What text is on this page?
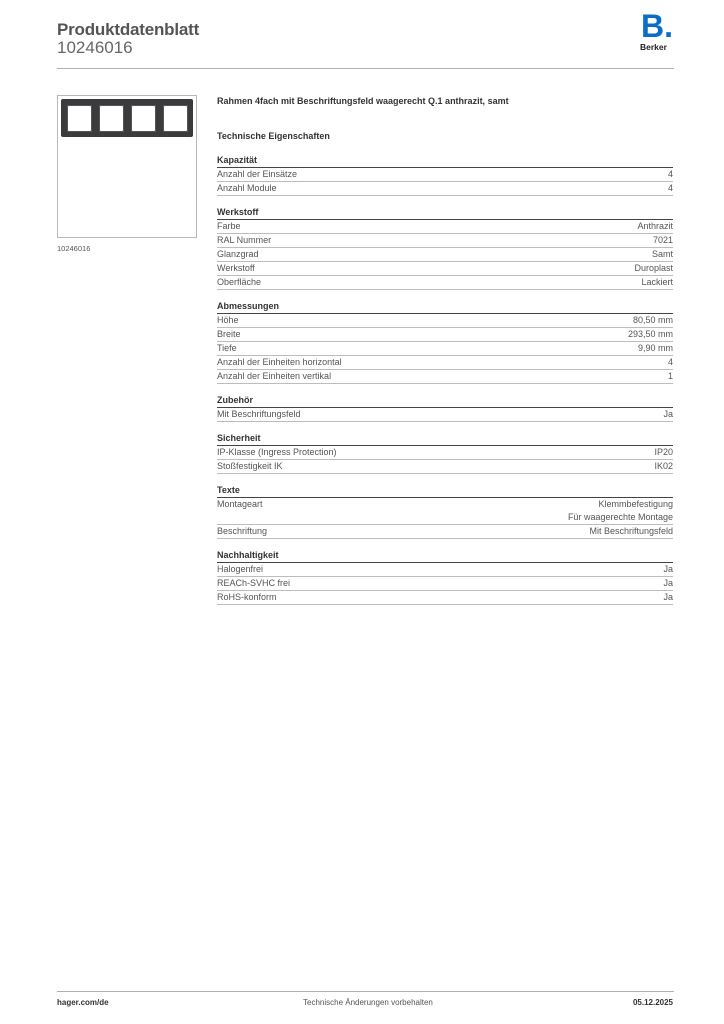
Produktdatenblatt
10246016
B.
Berker
10246016
Rahmen 4fach mit Beschriftungsfeld waagerecht Q.1 anthrazit, samt
Technische Eigenschaften
Kapazität
Anzahl der Einsätze	4
Anzahl Module	4
Werkstoff
Farbe	Anthrazit
RAL Nummer	7021
Glanzgrad	Samt
Werkstoff	Duroplast
Oberfläche	Lackiert
Abmessungen
Höhe	80,50 mm
Breite	293,50 mm
Tiefe	9,90 mm
Anzahl der Einheiten horizontal	4
Anzahl der Einheiten vertikal	1
Zubehör
Mit Beschriftungsfeld	Ja
Sicherheit
IP-Klasse (Ingress Protection)	IP20
Stoßfestigkeit IK	IK02
Texte
Montageart	Klemmbefestigung
Für waagerechte Montage
Beschriftung	Mit Beschriftungsfeld
Nachhaltigkeit
Halogenfrei	Ja
REACh-SVHC frei	Ja
RoHS-konform	Ja
hager.com/de	Technische Änderungen vorbehalten	05.12.2025
